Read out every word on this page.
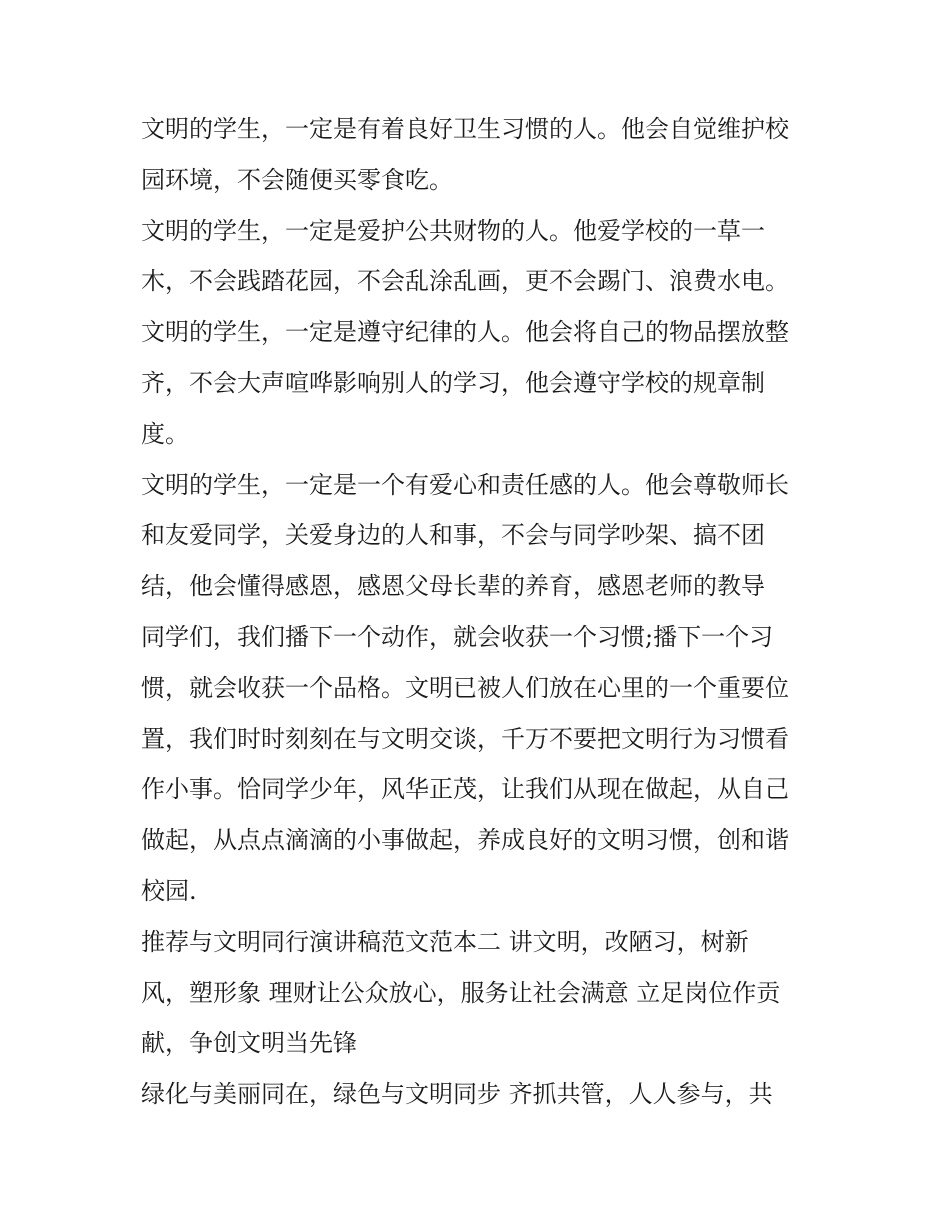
文明的学生，一定是有着良好卫生习惯的人。他会自觉维护校
园环境，不会随便买零食吃。
文明的学生，一定是爱护公共财物的人。他爱学校的一草一
木，不会践踏花园，不会乱涂乱画，更不会踢门、浪费水电。
文明的学生，一定是遵守纪律的人。他会将自己的物品摆放整
齐，不会大声喧哗影响别人的学习，他会遵守学校的规章制
度。
文明的学生，一定是一个有爱心和责任感的人。他会尊敬师长
和友爱同学，关爱身边的人和事，不会与同学吵架、搞不团
结，他会懂得感恩，感恩父母长辈的养育，感恩老师的教导
同学们，我们播下一个动作，就会收获一个习惯;播下一个习
惯，就会收获一个品格。文明已被人们放在心里的一个重要位
置，我们时时刻刻在与文明交谈，千万不要把文明行为习惯看
作小事。恰同学少年，风华正茂，让我们从现在做起，从自己
做起，从点点滴滴的小事做起，养成良好的文明习惯，创和谐
校园.
推荐与文明同行演讲稿范文范本二 讲文明，改陋习，树新
风，塑形象 理财让公众放心，服务让社会满意 立足岗位作贡
献，争创文明当先锋
绿化与美丽同在，绿色与文明同步 齐抓共管，人人参与，共
